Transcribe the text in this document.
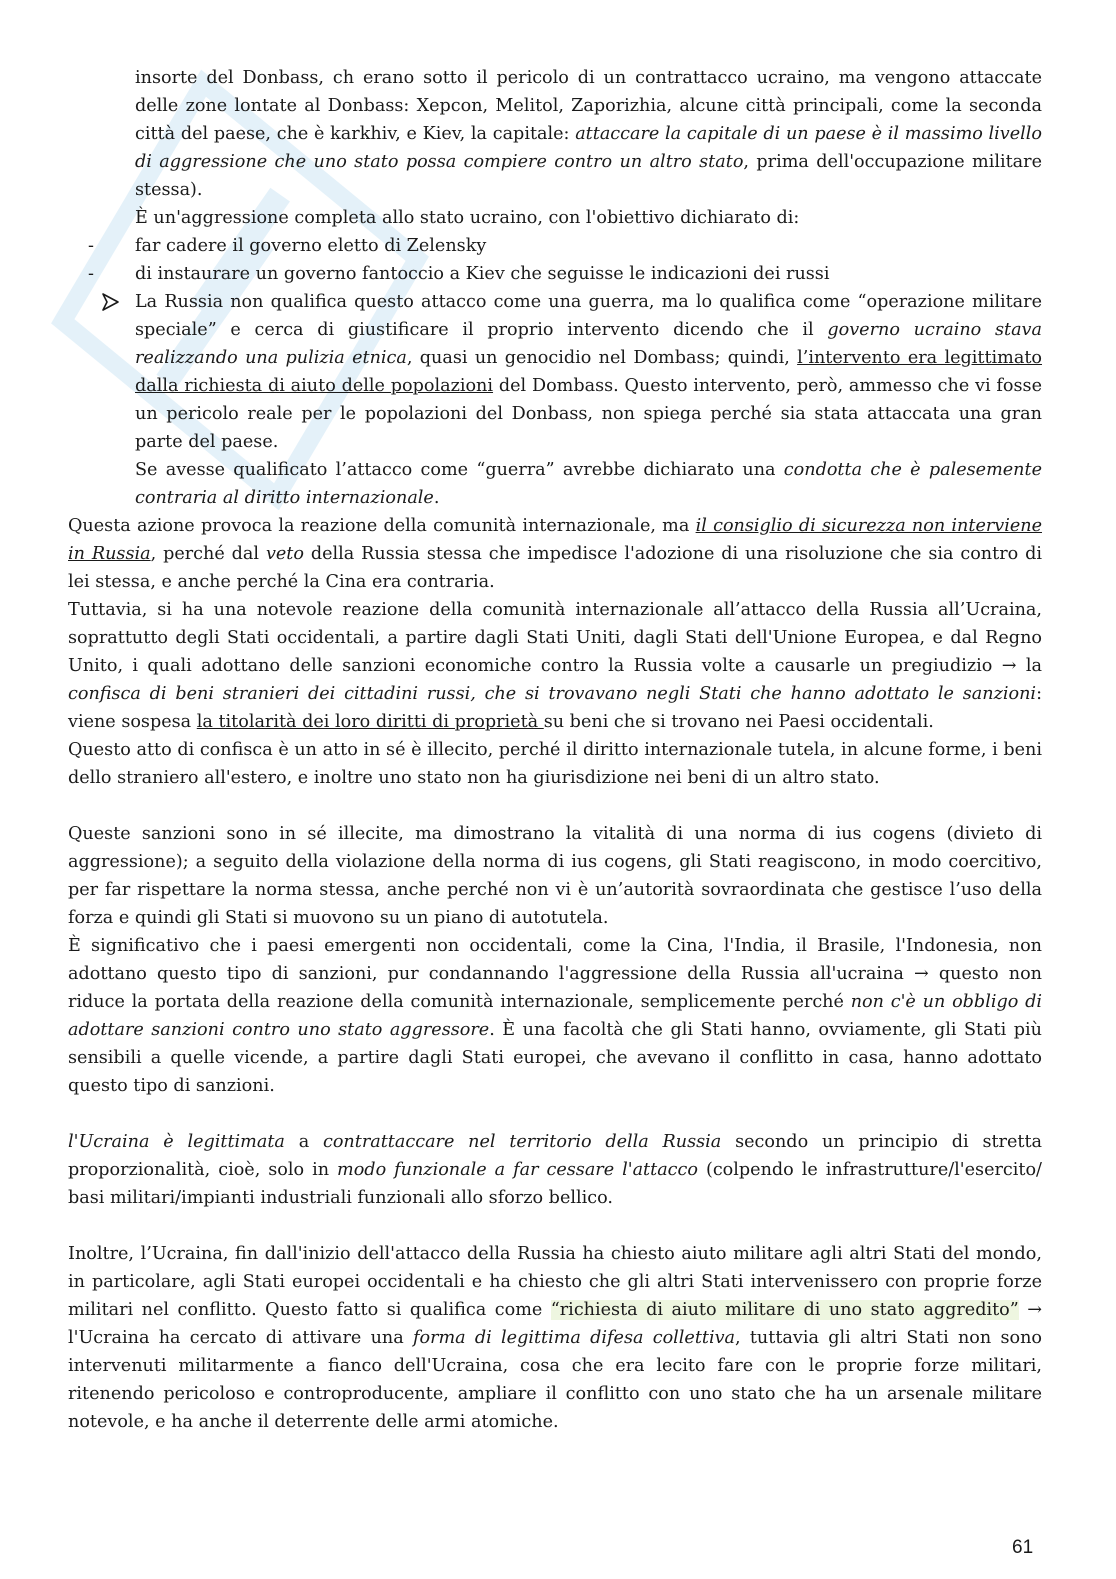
insorte del Donbass, ch erano sotto il pericolo di un contrattacco ucraino, ma vengono attaccate delle zone lontate al Donbass: Xepcon, Melitol, Zaporizhia, alcune città principali, come la seconda città del paese, che è karkhiv, e Kiev, la capitale: attaccare la capitale di un paese è il massimo livello di aggressione che uno stato possa compiere contro un altro stato, prima dell'occupazione militare stessa).

È un'aggressione completa allo stato ucraino, con l'obiettivo dichiarato di:

- far cadere il governo eletto di Zelensky
- di instaurare un governo fantoccio a Kiev che seguisse le indicazioni dei russi
La Russia non qualifica questo attacco come una guerra, ma lo qualifica come “operazione militare speciale” e cerca di giustificare il proprio intervento dicendo che il governo ucraino stava realizzando una pulizia etnica, quasi un genocidio nel Dombass; quindi, l’intervento era legittimato dalla richiesta di aiuto delle popolazioni del Dombass. Questo intervento, però, ammesso che vi fosse un pericolo reale per le popolazioni del Donbass, non spiega perché sia stata attaccata una gran parte del paese.

Se avesse qualificato l’attacco come “guerra” avrebbe dichiarato una condotta che è palesemente contraria al diritto internazionale.

Questa azione provoca la reazione della comunità internazionale, ma il consiglio di sicurezza non interviene in Russia, perché dal veto della Russia stessa che impedisce l'adozione di una risoluzione che sia contro di lei stessa, e anche perché la Cina era contraria.

Tuttavia, si ha una notevole reazione della comunità internazionale all’attacco della Russia all’Ucraina, soprattutto degli Stati occidentali, a partire dagli Stati Uniti, dagli Stati dell'Unione Europea, e dal Regno Unito, i quali adottano delle sanzioni economiche contro la Russia volte a causarle un pregiudizio → la confisca di beni stranieri dei cittadini russi, che si trovavano negli Stati che hanno adottato le sanzioni: viene sospesa la titolarità dei loro diritti di proprietà su beni che si trovano nei Paesi occidentali.

Questo atto di confisca è un atto in sé è illecito, perché il diritto internazionale tutela, in alcune forme, i beni dello straniero all'estero, e inoltre uno stato non ha giurisdizione nei beni di un altro stato.

Queste sanzioni sono in sé illecite, ma dimostrano la vitalità di una norma di ius cogens (divieto di aggressione); a seguito della violazione della norma di ius cogens, gli Stati reagiscono, in modo coercitivo, per far rispettare la norma stessa, anche perché non vi è un’autorità sovraordinata che gestisce l’uso della forza e quindi gli Stati si muovono su un piano di autotutela.

È significativo che i paesi emergenti non occidentali, come la Cina, l'India, il Brasile, l'Indonesia, non adottano questo tipo di sanzioni, pur condannando l'aggressione della Russia all'ucraina → questo non riduce la portata della reazione della comunità internazionale, semplicemente perché non c'è un obbligo di adottare sanzioni contro uno stato aggressore. È una facoltà che gli Stati hanno, ovviamente, gli Stati più sensibili a quelle vicende, a partire dagli Stati europei, che avevano il conflitto in casa, hanno adottato questo tipo di sanzioni.

l'Ucraina è legittimata a contrattaccare nel territorio della Russia secondo un principio di stretta proporzionalità, cioè, solo in modo funzionale a far cessare l'attacco (colpendo le infrastrutture/l'esercito/ basi militari/impianti industriali funzionali allo sforzo bellico.

Inoltre, l’Ucraina, fin dall'inizio dell'attacco della Russia ha chiesto aiuto militare agli altri Stati del mondo, in particolare, agli Stati europei occidentali e ha chiesto che gli altri Stati intervenissero con proprie forze militari nel conflitto. Questo fatto si qualifica come “richiesta di aiuto militare di uno stato aggredito” → l'Ucraina ha cercato di attivare una forma di legittima difesa collettiva, tuttavia gli altri Stati non sono intervenuti militarmente a fianco dell'Ucraina, cosa che era lecito fare con le proprie forze militari, ritenendo pericoloso e controproducente, ampliare il conflitto con uno stato che ha un arsenale militare notevole, e ha anche il deterrente delle armi atomiche.

61
